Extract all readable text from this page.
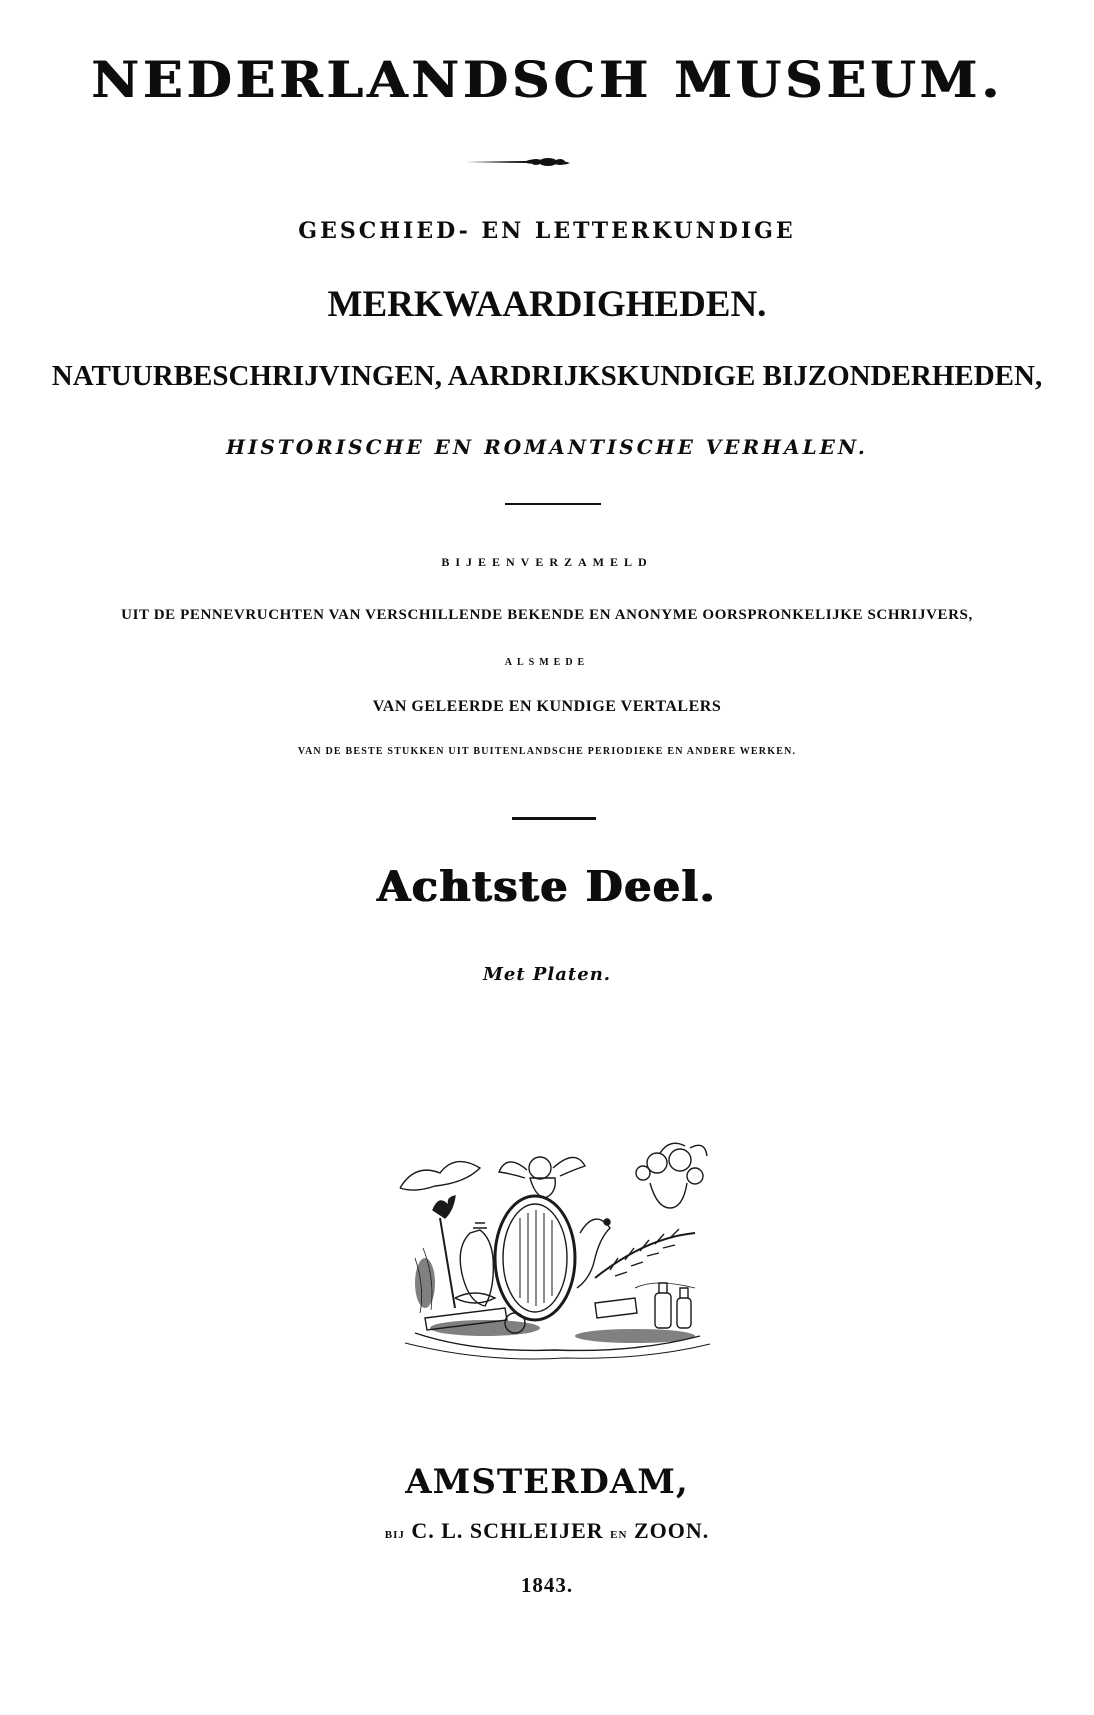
NEDERLANDSCH MUSEUM.
GESCHIED- EN LETTERKUNDIGE
MERKWAARDIGHEDEN.
NATUURBESCHRIJVINGEN, AARDRIJKSKUNDIGE BIJZONDERHEDEN,
HISTORISCHE EN ROMANTISCHE VERHALEN.
BIJEENVERZAMELD
UIT DE PENNEVRUCHTEN VAN VERSCHILLENDE BEKENDE EN ANONYME OORSPRONKELIJKE SCHRIJVERS,
ALSMEDE
VAN GELEERDE EN KUNDIGE VERTALERS
VAN DE BESTE STUKKEN UIT BUITENLANDSCHE PERIODIEKE EN ANDERE WERKEN.
Achtste Deel.
Met Platen.
AMSTERDAM,
BIJ C. L. SCHLEIJER EN ZOON.
1843.
